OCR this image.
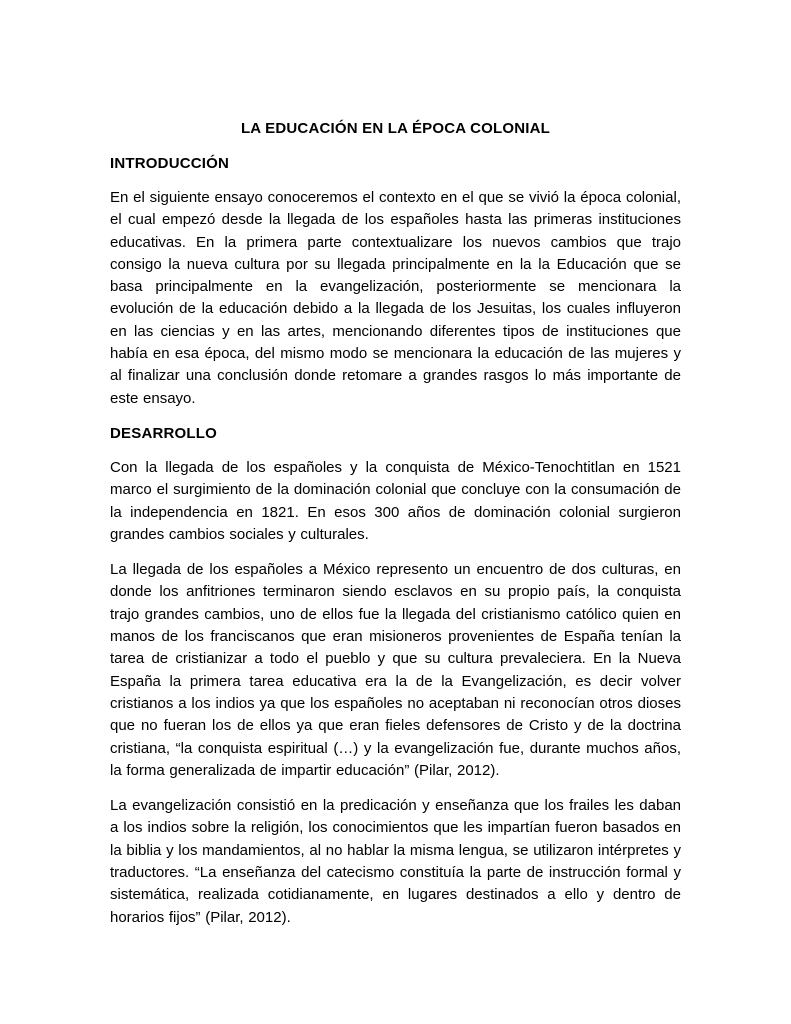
LA EDUCACIÓN EN LA ÉPOCA COLONIAL
INTRODUCCIÓN

En el siguiente ensayo conoceremos el contexto en el que se vivió la época colonial, el cual empezó desde la llegada de los españoles hasta las primeras instituciones educativas. En la primera parte contextualizare los nuevos cambios que trajo consigo la nueva cultura por su llegada principalmente en la la Educación que se basa principalmente en la evangelización, posteriormente se mencionara la evolución de la educación debido a la llegada de los Jesuitas, los cuales influyeron en las ciencias y en las artes, mencionando diferentes tipos de instituciones que había en esa época, del mismo modo se mencionara la educación de las mujeres y al finalizar una conclusión donde retomare a grandes rasgos lo más importante de este ensayo.

DESARROLLO

Con la llegada de los españoles y la conquista de México-Tenochtitlan en 1521 marco el surgimiento de la dominación colonial que concluye con la consumación de la independencia en 1821. En esos 300 años de dominación colonial surgieron grandes cambios sociales y culturales.

La llegada de los españoles a México represento un encuentro de dos culturas, en donde los anfitriones terminaron siendo esclavos en su propio país, la conquista trajo grandes cambios, uno de ellos fue la llegada del cristianismo católico quien en manos de los franciscanos que eran misioneros provenientes de España tenían la tarea de cristianizar a todo el pueblo y que su cultura prevaleciera. En la Nueva España la primera tarea educativa era la de la Evangelización, es decir volver cristianos a los indios ya que los españoles no aceptaban ni reconocían otros dioses que no fueran los de ellos ya que eran fieles defensores de Cristo y de la doctrina cristiana, “la conquista espiritual (…) y la evangelización fue, durante muchos años, la forma generalizada de impartir educación” (Pilar, 2012).

La evangelización consistió en la predicación y enseñanza que los frailes les daban a los indios sobre la religión, los conocimientos que les impartían fueron basados en la biblia y los mandamientos, al no hablar la misma lengua, se utilizaron intérpretes y traductores. “La enseñanza del catecismo constituía la parte de instrucción formal y sistemática, realizada cotidianamente, en lugares destinados a ello y dentro de horarios fijos” (Pilar, 2012).
